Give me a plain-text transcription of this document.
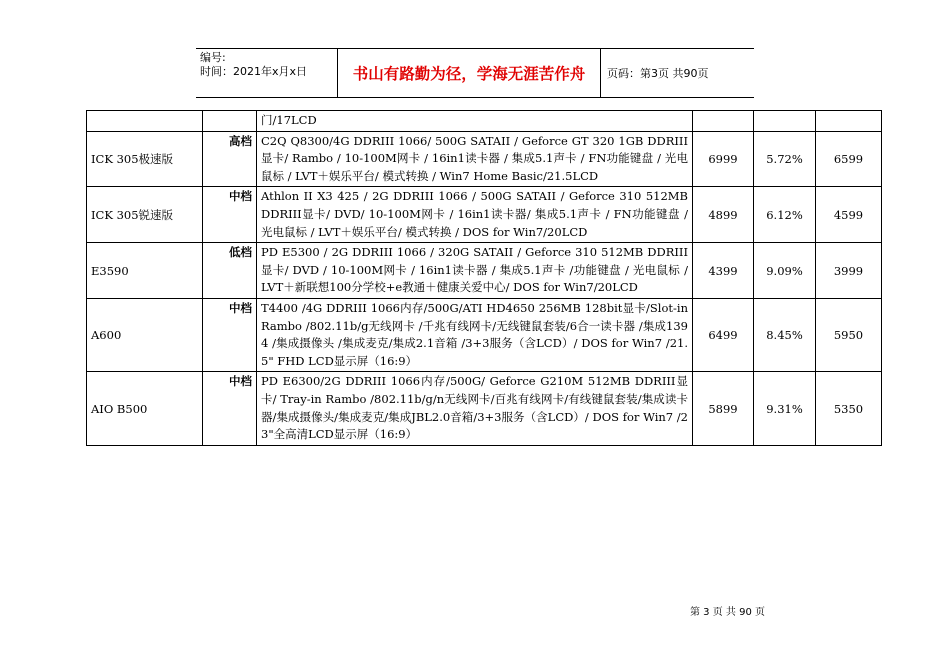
编号:
时间：2021年x月x日	书山有路勤为径，学海无涯苦作舟	页码：第3页 共90页
		门/17LCD			
ICK 305极速版	高档	C2Q Q8300/4G DDRIII 1066/ 500G SATAII / Geforce GT 320 1GB DDRIII显卡/ Rambo / 10-100M网卡 / 16in1读卡器 / 集成5.1声卡 / FN功能键盘 / 光电鼠标 / LVT＋娱乐平台/ 模式转换 / Win7 Home Basic/21.5LCD	6999	5.72%	6599
ICK 305锐速版	中档	Athlon II X3 425 / 2G DDRIII 1066 / 500G SATAII / Geforce 310 512MB DDRIII显卡/ DVD/ 10-100M网卡 / 16in1读卡器/ 集成5.1声卡 / FN功能键盘 / 光电鼠标 / LVT＋娱乐平台/ 模式转换 / DOS for Win7/20LCD	4899	6.12%	4599
E3590	低档	PD E5300 / 2G DDRIII 1066 / 320G SATAII / Geforce 310 512MB DDRIII显卡/ DVD / 10-100M网卡 / 16in1读卡器 / 集成5.1声卡 /功能键盘 / 光电鼠标 / LVT＋新联想100分学校+e教通＋健康关爱中心/ DOS for Win7/20LCD	4399	9.09%	3999
A600	中档	T4400 /4G DDRIII 1066内存/500G/ATI HD4650 256MB 128bit显卡/Slot-in Rambo /802.11b/g无线网卡 /千兆有线网卡/无线键鼠套装/6合一读卡器 /集成1394 /集成摄像头 /集成麦克/集成2.1音箱 /3+3服务（含LCD）/ DOS for Win7 /21.5" FHD LCD显示屏（16:9）	6499	8.45%	5950
AIO B500	中档	PD E6300/2G DDRIII 1066内存/500G/ Geforce G210M 512MB DDRIII显卡/ Tray-in Rambo /802.11b/g/n无线网卡/百兆有线网卡/有线键鼠套装/集成读卡器/集成摄像头/集成麦克/集成JBL2.0音箱/3+3服务（含LCD）/ DOS for Win7 /23"全高清LCD显示屏（16:9）	5899	9.31%	5350
第 3 页 共 90 页
